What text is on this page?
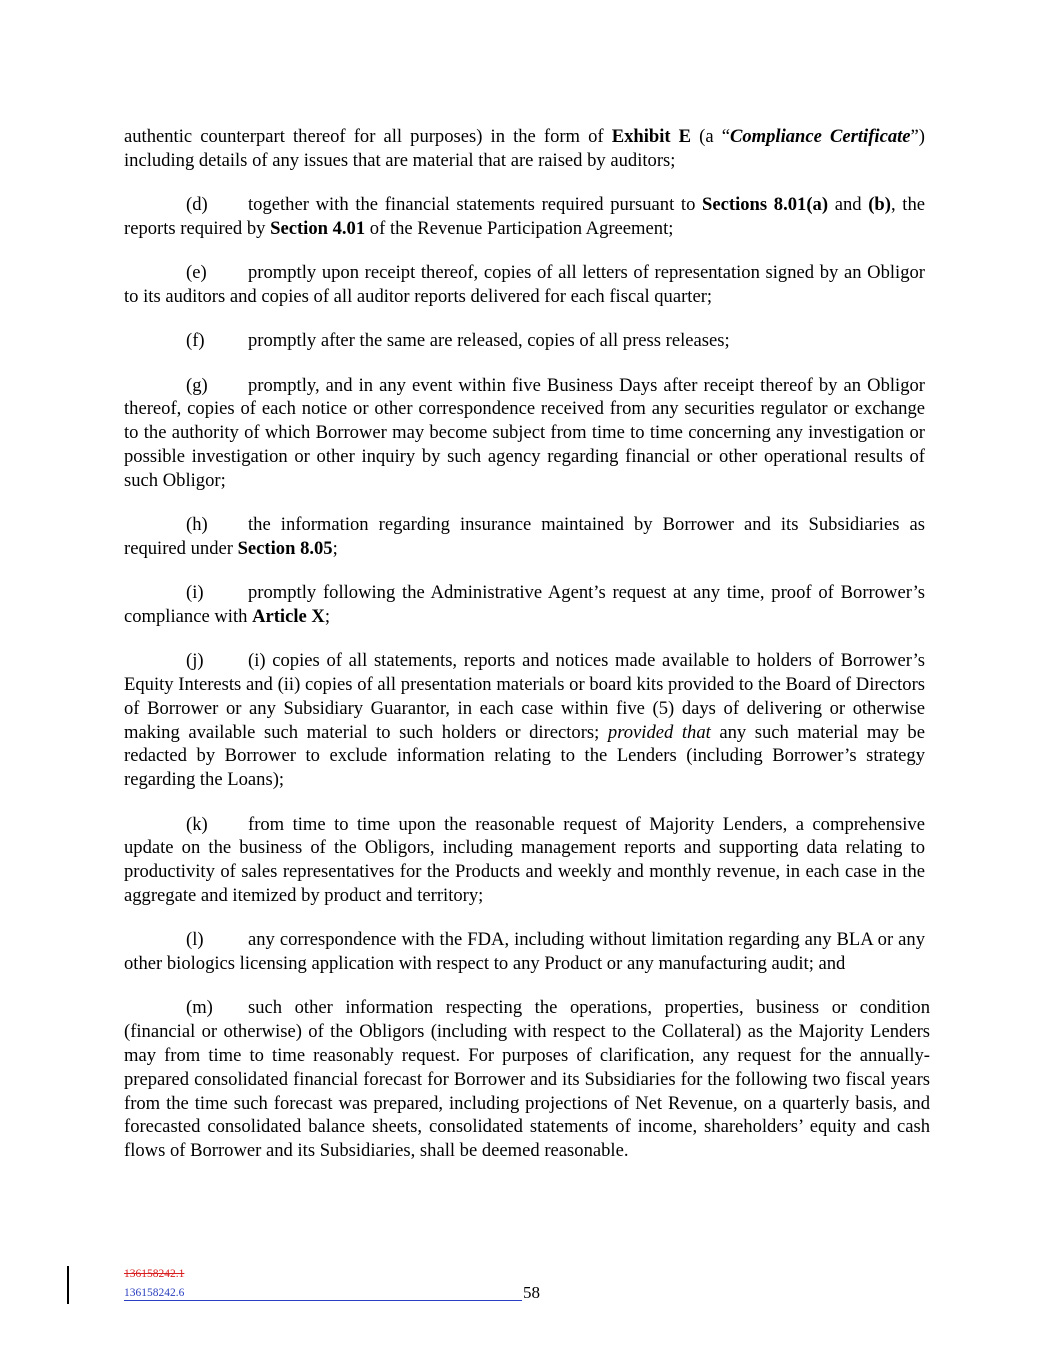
authentic counterpart thereof for all purposes) in the form of Exhibit E (a “Compliance Certificate”) including details of any issues that are material that are raised by auditors;

(d) together with the financial statements required pursuant to Sections 8.01(a) and (b), the reports required by Section 4.01 of the Revenue Participation Agreement;

(e) promptly upon receipt thereof, copies of all letters of representation signed by an Obligor to its auditors and copies of all auditor reports delivered for each fiscal quarter;

(f) promptly after the same are released, copies of all press releases;

(g) promptly, and in any event within five Business Days after receipt thereof by an Obligor thereof, copies of each notice or other correspondence received from any securities regulator or exchange to the authority of which Borrower may become subject from time to time concerning any investigation or possible investigation or other inquiry by such agency regarding financial or other operational results of such Obligor;

(h) the information regarding insurance maintained by Borrower and its Subsidiaries as required under Section 8.05;

(i) promptly following the Administrative Agent’s request at any time, proof of Borrower’s compliance with Article X;

(j) (i) copies of all statements, reports and notices made available to holders of Borrower’s Equity Interests and (ii) copies of all presentation materials or board kits provided to the Board of Directors of Borrower or any Subsidiary Guarantor, in each case within five (5) days of delivering or otherwise making available such material to such holders or directors; provided that any such material may be redacted by Borrower to exclude information relating to the Lenders (including Borrower’s strategy regarding the Loans);

(k) from time to time upon the reasonable request of Majority Lenders, a comprehensive update on the business of the Obligors, including management reports and supporting data relating to productivity of sales representatives for the Products and weekly and monthly revenue, in each case in the aggregate and itemized by product and territory;

(l) any correspondence with the FDA, including without limitation regarding any BLA or any other biologics licensing application with respect to any Product or any manufacturing audit; and

(m) such other information respecting the operations, properties, business or condition (financial or otherwise) of the Obligors (including with respect to the Collateral) as the Majority Lenders may from time to time reasonably request. For purposes of clarification, any request for the annually-prepared consolidated financial forecast for Borrower and its Subsidiaries for the following two fiscal years from the time such forecast was prepared, including projections of Net Revenue, on a quarterly basis, and forecasted consolidated balance sheets, consolidated statements of income, shareholders’ equity and cash flows of Borrower and its Subsidiaries, shall be deemed reasonable.

136158242.1
136158242.6	58
